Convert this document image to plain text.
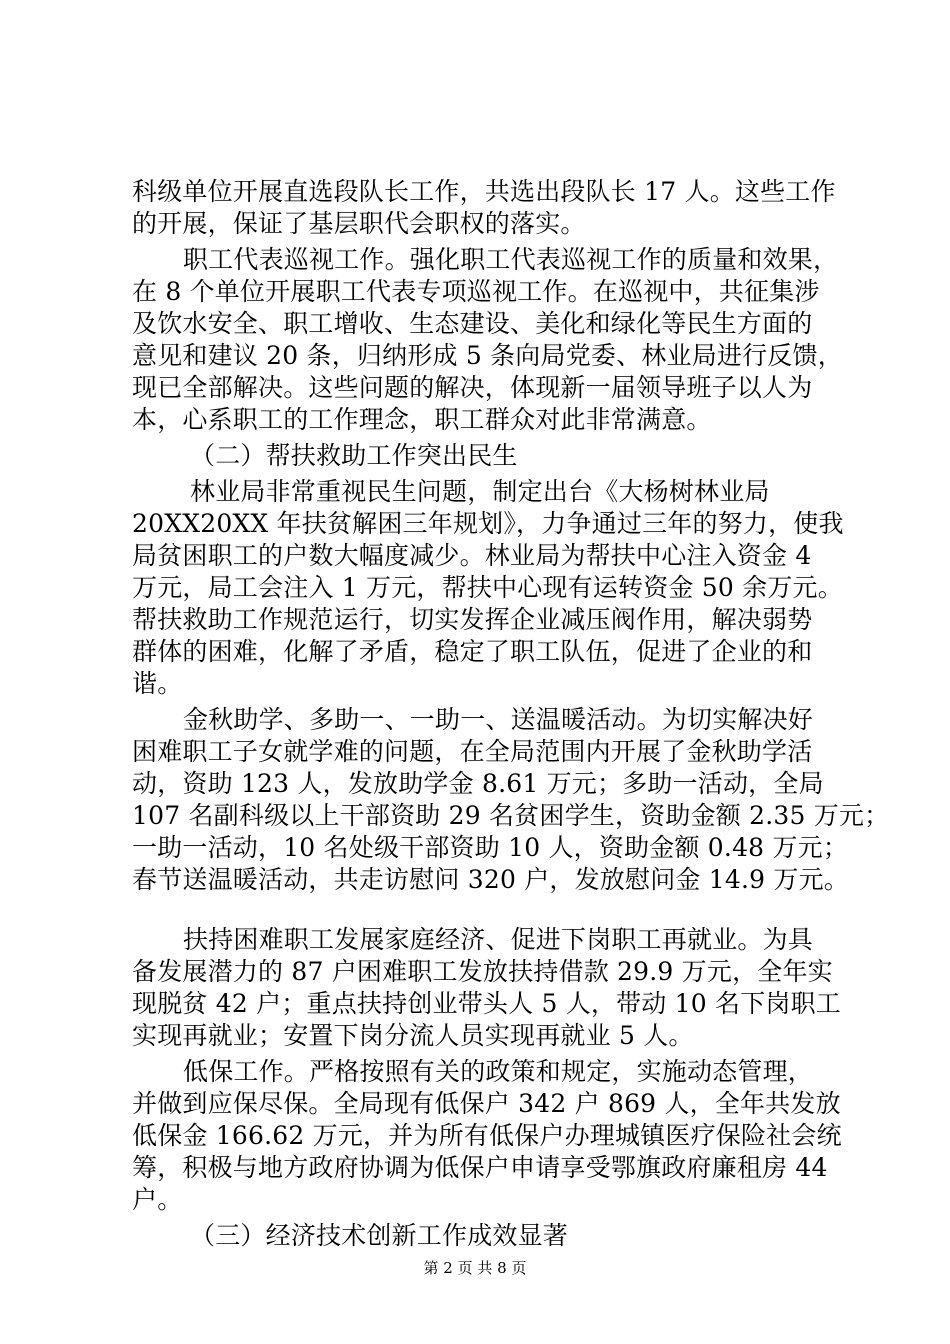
科级单位开展直选段队长工作，共选出段队长 17 人。这些工作
的开展，保证了基层职代会职权的落实。
职工代表巡视工作。强化职工代表巡视工作的质量和效果，
在 8 个单位开展职工代表专项巡视工作。在巡视中，共征集涉
及饮水安全、职工增收、生态建设、美化和绿化等民生方面的
意见和建议 20 条，归纳形成 5 条向局党委、林业局进行反馈，
现已全部解决。这些问题的解决，体现新一届领导班子以人为
本，心系职工的工作理念，职工群众对此非常满意。
（二）帮扶救助工作突出民生
林业局非常重视民生问题，制定出台《大杨树林业局
20XX20XX 年扶贫解困三年规划》，力争通过三年的努力，使我
局贫困职工的户数大幅度减少。林业局为帮扶中心注入资金 4
万元，局工会注入 1 万元，帮扶中心现有运转资金 50 余万元。
帮扶救助工作规范运行，切实发挥企业减压阀作用，解决弱势
群体的困难，化解了矛盾，稳定了职工队伍，促进了企业的和
谐。
金秋助学、多助一、一助一、送温暖活动。为切实解决好
困难职工子女就学难的问题，在全局范围内开展了金秋助学活
动，资助 123 人，发放助学金 8.61 万元；多助一活动，全局
107 名副科级以上干部资助 29 名贫困学生，资助金额 2.35 万元；
一助一活动，10 名处级干部资助 10 人，资助金额 0.48 万元；
春节送温暖活动，共走访慰问 320 户，发放慰问金 14.9 万元。
扶持困难职工发展家庭经济、促进下岗职工再就业。为具
备发展潜力的 87 户困难职工发放扶持借款 29.9 万元，全年实
现脱贫 42 户；重点扶持创业带头人 5 人，带动 10 名下岗职工
实现再就业；安置下岗分流人员实现再就业 5 人。
低保工作。严格按照有关的政策和规定，实施动态管理，
并做到应保尽保。全局现有低保户 342 户 869 人，全年共发放
低保金 166.62 万元，并为所有低保户办理城镇医疗保险社会统
筹，积极与地方政府协调为低保户申请享受鄂旗政府廉租房 44
户。
（三）经济技术创新工作成效显著
第 2 页 共 8 页
